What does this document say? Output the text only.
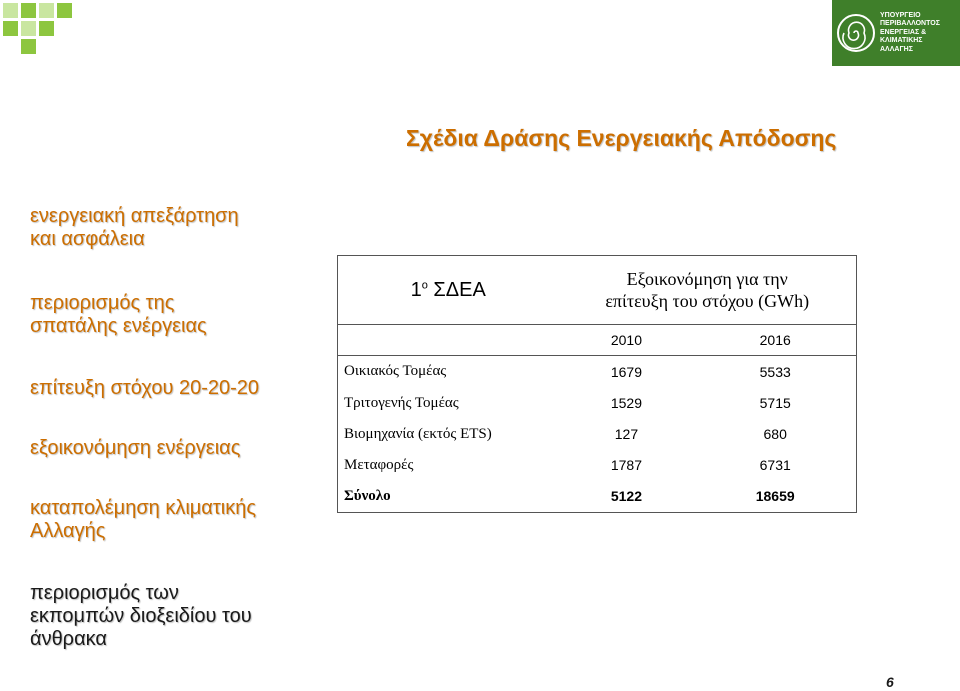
ΥΠΟΥΡΓΕΙΟ
ΠΕΡΙΒΑΛΛΟΝΤΟΣ
ΕΝΕΡΓΕΙΑΣ &
ΚΛΙΜΑΤΙΚΗΣ
ΑΛΛΑΓΗΣ
Σχέδια Δράσης Ενεργειακής Απόδοσης
ενεργειακή απεξάρτηση
και ασφάλεια
περιορισμός της
σπατάλης ενέργειας
επίτευξη στόχου 20-20-20
εξοικονόμηση ενέργειας
καταπολέμηση κλιματικής
Αλλαγής
περιορισμός των
εκπομπών διοξειδίου του
άνθρακα
$1^o$ ΣΔΕΑ	Εξοικονόμηση για την
επίτευξη του στόχου (GWh)	
	2010	2016
Οικιακός Τομέας	1679	5533
Τριτογενής Τομέας	1529	5715
Βιομηχανία (εκτός ETS)	127	680
Μεταφορές	1787	6731
Σύνολο	5122	18659
6
